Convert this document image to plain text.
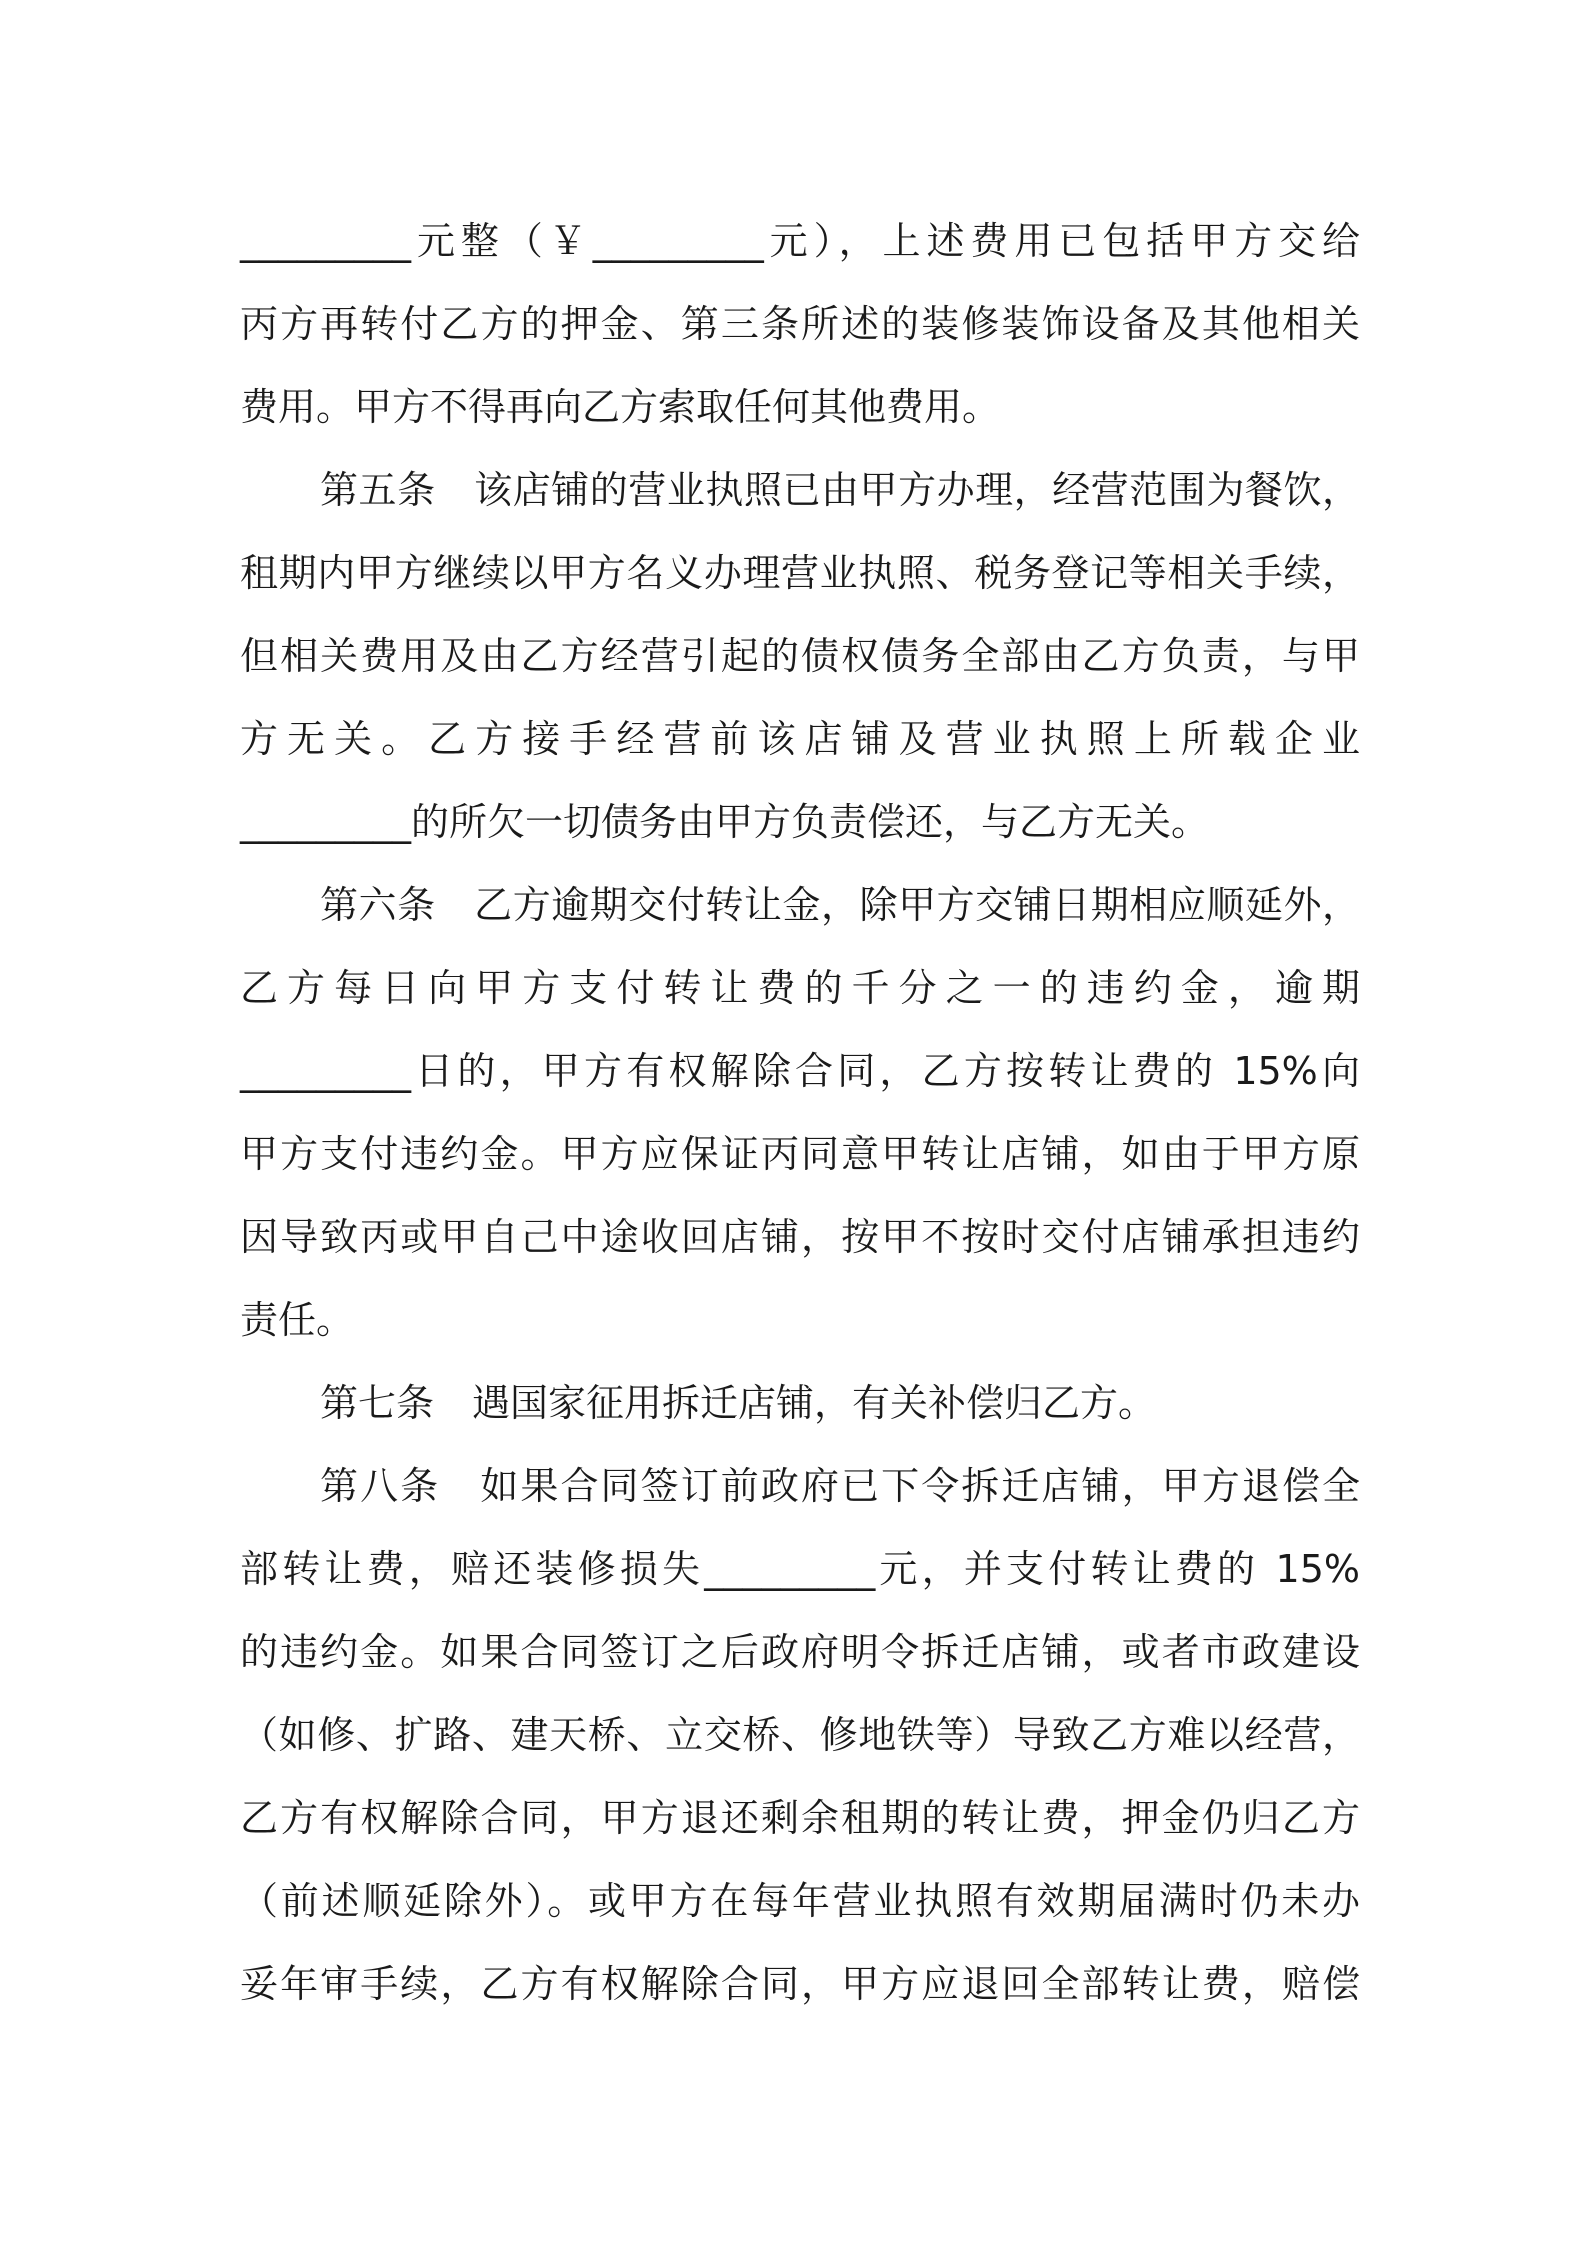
_________元整（￥_________元），上述费用已包括甲方交给
丙方再转付乙方的押金、第三条所述的装修装饰设备及其他相关
费用。甲方不得再向乙方索取任何其他费用。
第五条　该店铺的营业执照已由甲方办理，经营范围为餐饮，
租期内甲方继续以甲方名义办理营业执照、税务登记等相关手续，
但相关费用及由乙方经营引起的债权债务全部由乙方负责，与甲
方无关。乙方接手经营前该店铺及营业执照上所载企业
_________的所欠一切债务由甲方负责偿还，与乙方无关。
第六条　乙方逾期交付转让金，除甲方交铺日期相应顺延外，
乙方每日向甲方支付转让费的千分之一的违约金，逾期
_________日的，甲方有权解除合同，乙方按转让费的 15%向
甲方支付违约金。甲方应保证丙同意甲转让店铺，如由于甲方原
因导致丙或甲自己中途收回店铺，按甲不按时交付店铺承担违约
责任。
第七条　遇国家征用拆迁店铺，有关补偿归乙方。
第八条　如果合同签订前政府已下令拆迁店铺，甲方退偿全
部转让费，赔还装修损失_________元，并支付转让费的 15%
的违约金。如果合同签订之后政府明令拆迁店铺，或者市政建设
（如修、扩路、建天桥、立交桥、修地铁等）导致乙方难以经营，
乙方有权解除合同，甲方退还剩余租期的转让费，押金仍归乙方
（前述顺延除外）。或甲方在每年营业执照有效期届满时仍未办
妥年审手续，乙方有权解除合同，甲方应退回全部转让费，赔偿
